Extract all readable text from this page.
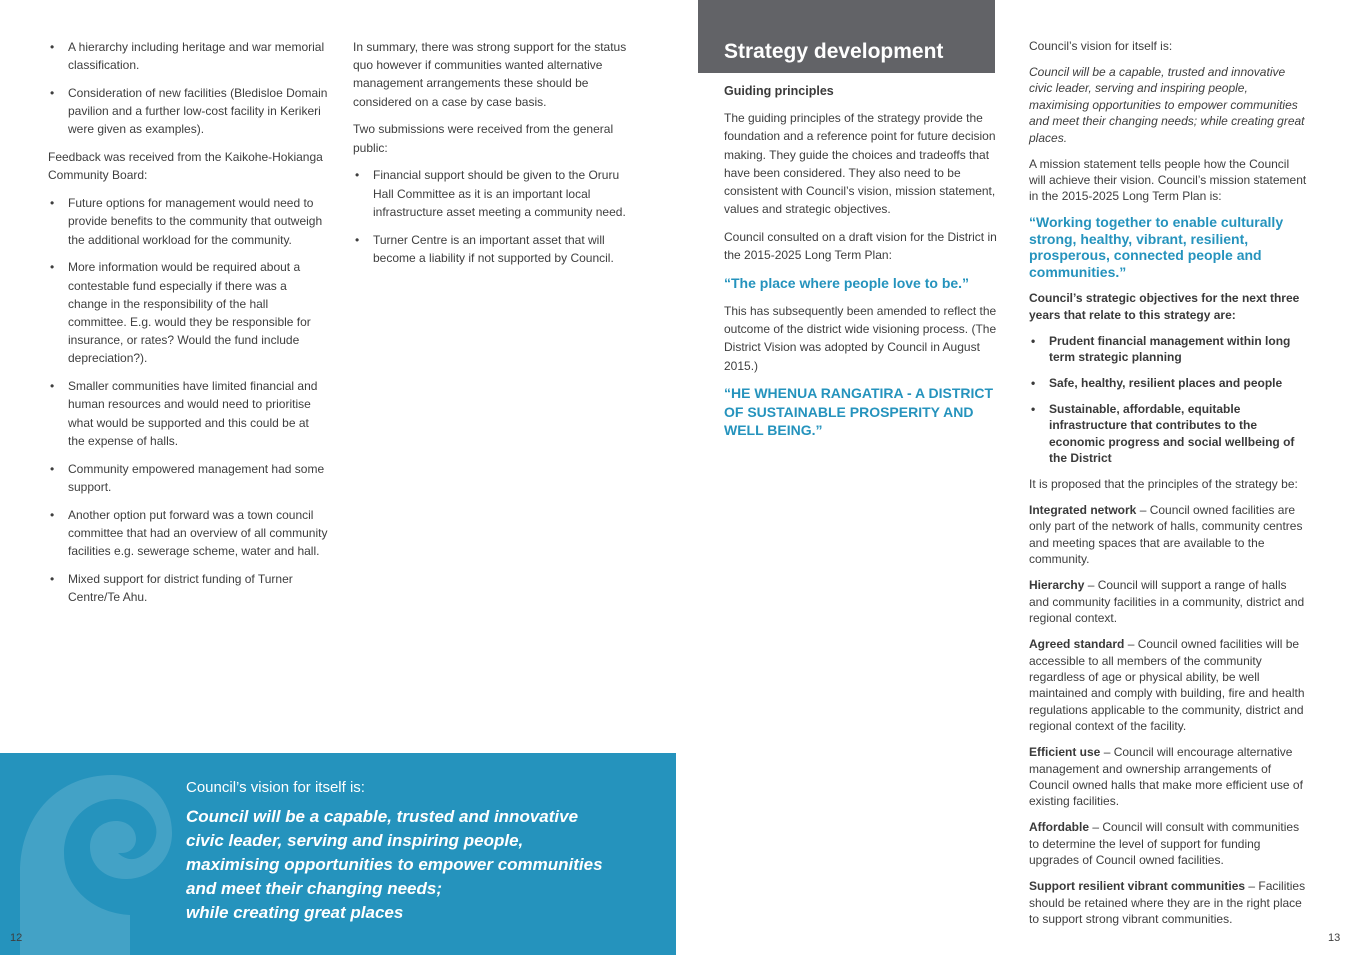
• A hierarchy including heritage and war memorial classification.
• Consideration of new facilities (Bledisloe Domain pavilion and a further low-cost facility in Kerikeri were given as examples).

Feedback was received from the Kaikohe-Hokianga Community Board:

• Future options for management would need to provide benefits to the community that outweigh the additional workload for the community.
• More information would be required about a contestable fund especially if there was a change in the responsibility of the hall committee. E.g. would they be responsible for insurance, or rates? Would the fund include depreciation?).
• Smaller communities have limited financial and human resources and would need to prioritise what would be supported and this could be at the expense of halls.
• Community empowered management had some support.
• Another option put forward was a town council committee that had an overview of all community facilities e.g. sewerage scheme, water and hall.
• Mixed support for district funding of Turner Centre/Te Ahu.

In summary, there was strong support for the status quo however if communities wanted alternative management arrangements these should be considered on a case by case basis.

Two submissions were received from the general public:

• Financial support should be given to the Oruru Hall Committee as it is an important local infrastructure asset meeting a community need.
• Turner Centre is an important asset that will become a liability if not supported by Council.
Council’s vision for itself is:
Council will be a capable, trusted and innovative
civic leader, serving and inspiring people,
maximising opportunities to empower communities
and meet their changing needs;
while creating great places
12
Strategy development
Guiding principles

The guiding principles of the strategy provide the foundation and a reference point for future decision making. They guide the choices and tradeoffs that have been considered. They also need to be consistent with Council’s vision, mission statement, values and strategic objectives.

Council consulted on a draft vision for the District in the 2015-2025 Long Term Plan:

“The place where people love to be.”

This has subsequently been amended to reflect the outcome of the district wide visioning process. (The District Vision was adopted by Council in August 2015.)

“HE WHENUA RANGATIRA - A DISTRICT OF SUSTAINABLE PROSPERITY AND WELL BEING.”

Council’s vision for itself is:

Council will be a capable, trusted and innovative civic leader, serving and inspiring people, maximising opportunities to empower communities and meet their changing needs; while creating great places.

A mission statement tells people how the Council will achieve their vision. Council’s mission statement in the 2015-2025 Long Term Plan is:

“Working together to enable culturally strong, healthy, vibrant, resilient, prosperous, connected people and communities.”

Council’s strategic objectives for the next three years that relate to this strategy are:

• Prudent financial management within long term strategic planning
• Safe, healthy, resilient places and people
• Sustainable, affordable, equitable infrastructure that contributes to the economic progress and social wellbeing of the District

It is proposed that the principles of the strategy be:

Integrated network – Council owned facilities are only part of the network of halls, community centres and meeting spaces that are available to the community.

Hierarchy – Council will support a range of halls and community facilities in a community, district and regional context.

Agreed standard – Council owned facilities will be accessible to all members of the community regardless of age or physical ability, be well maintained and comply with building, fire and health regulations applicable to the community, district and regional context of the facility.

Efficient use – Council will encourage alternative management and ownership arrangements of Council owned halls that make more efficient use of existing facilities.

Affordable – Council will consult with communities to determine the level of support for funding upgrades of Council owned facilities.

Support resilient vibrant communities – Facilities should be retained where they are in the right place to support strong vibrant communities.

13
